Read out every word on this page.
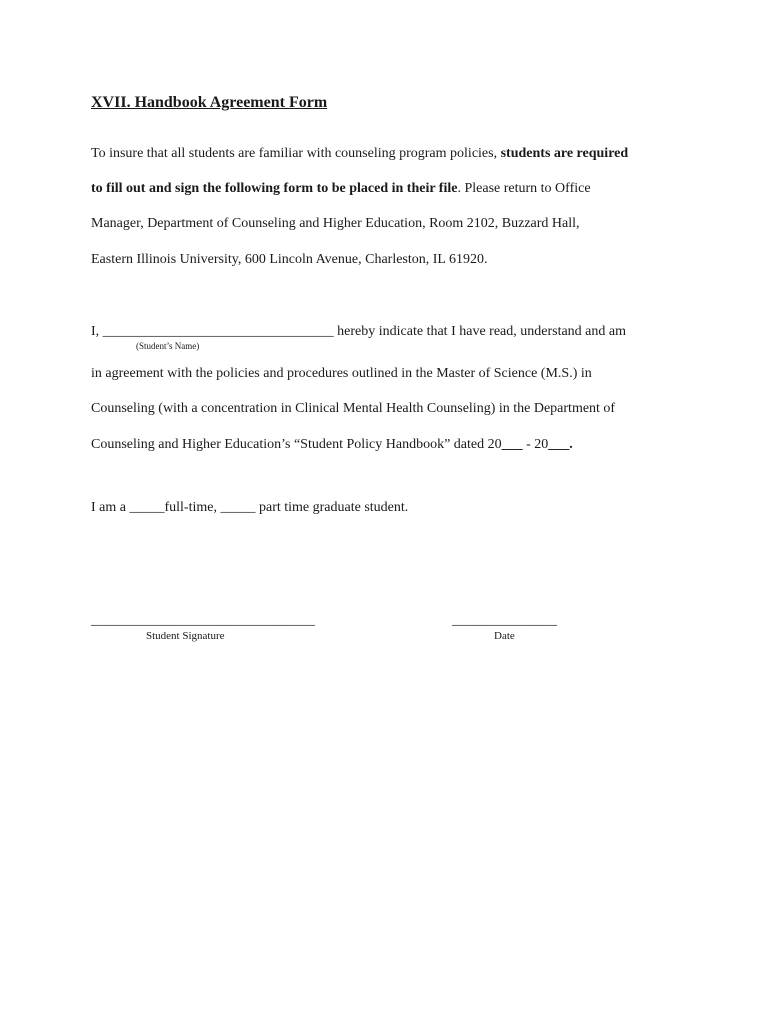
XVII. Handbook Agreement Form
To insure that all students are familiar with counseling program policies, students are required
to fill out and sign the following form to be placed in their file. Please return to Office
Manager, Department of Counseling and Higher Education, Room 2102, Buzzard Hall,
Eastern Illinois University, 600 Lincoln Avenue, Charleston, IL 61920.
I, _________________________________ hereby indicate that I have read, understand and am
(Student’s Name)
in agreement with the policies and procedures outlined in the Master of Science (M.S.) in
Counseling (with a concentration in Clinical Mental Health Counseling) in the Department of
Counseling and Higher Education’s “Student Policy Handbook” dated 20___ - 20___.
I am a _____full-time, _____ part time graduate student.
________________________________
Student Signature
_______________
Date
